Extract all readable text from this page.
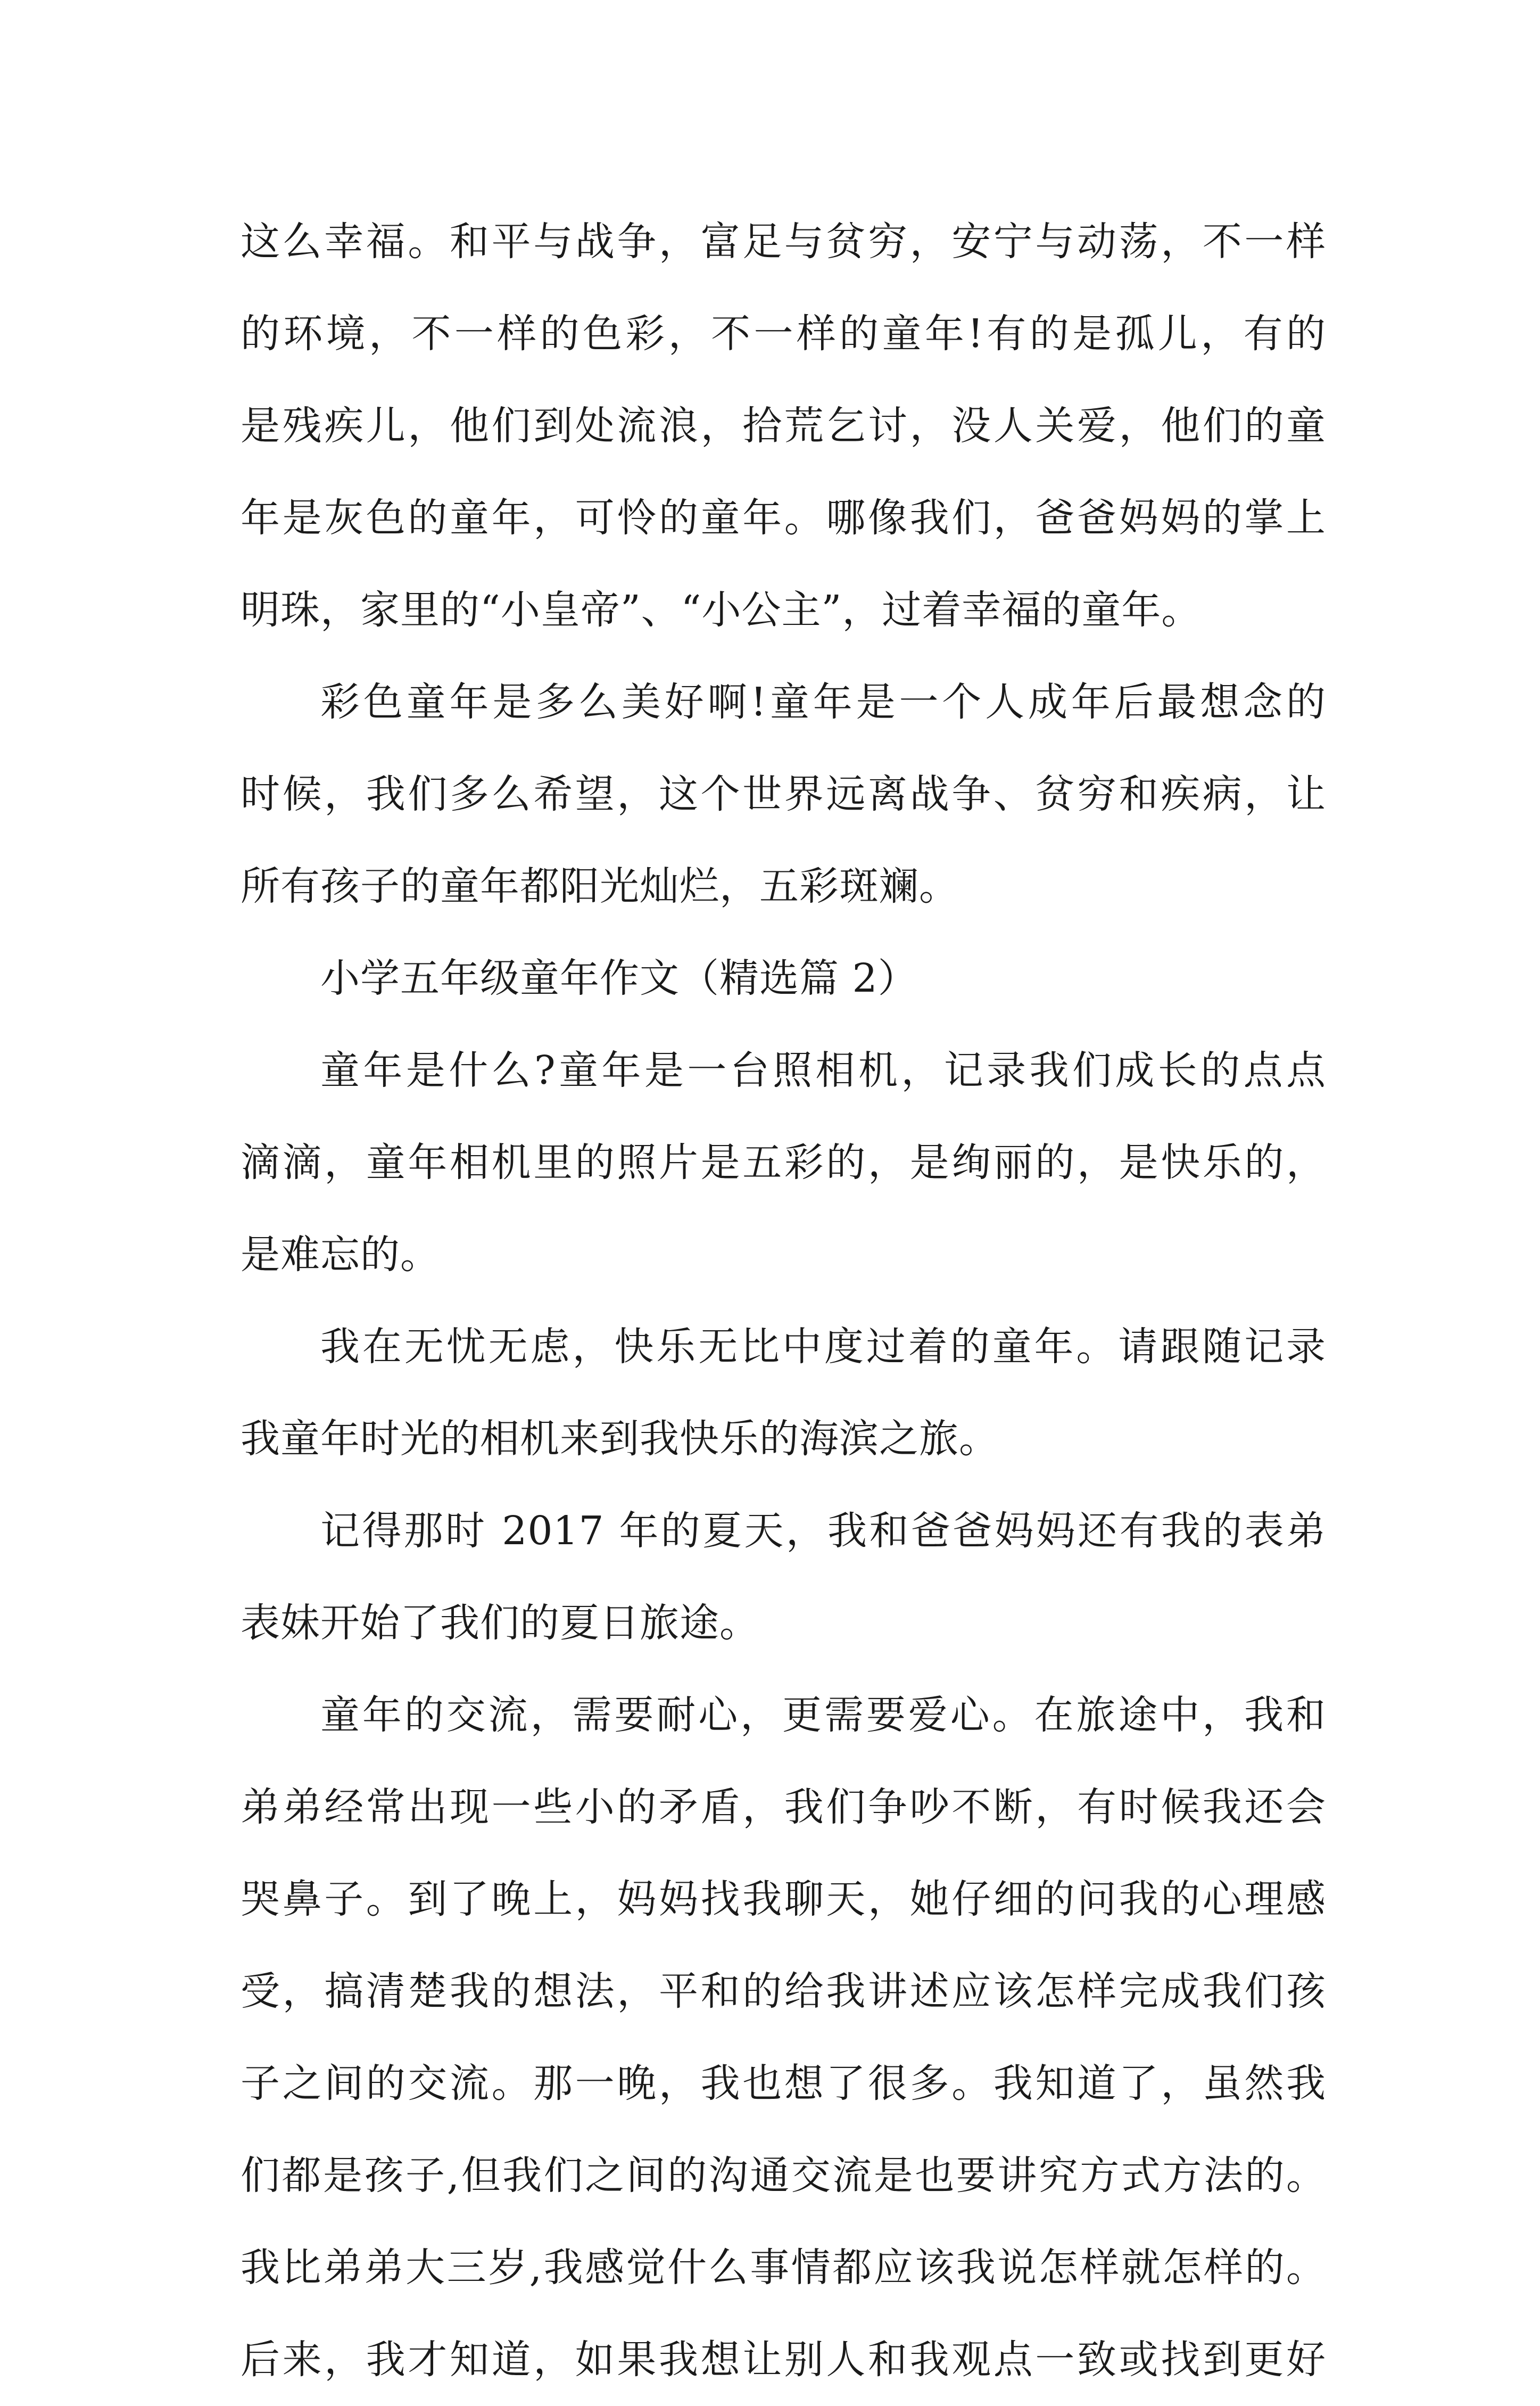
这么幸福。和平与战争，富足与贫穷，安宁与动荡，不一样
的环境，不一样的色彩，不一样的童年!有的是孤儿，有的
是残疾儿，他们到处流浪，拾荒乞讨，没人关爱，他们的童
年是灰色的童年，可怜的童年。哪像我们，爸爸妈妈的掌上
明珠，家里的“小皇帝”、“小公主”，过着幸福的童年。
彩色童年是多么美好啊!童年是一个人成年后最想念的
时候，我们多么希望，这个世界远离战争、贫穷和疾病，让
所有孩子的童年都阳光灿烂，五彩斑斓。
小学五年级童年作文（精选篇 2）
童年是什么?童年是一台照相机，记录我们成长的点点
滴滴，童年相机里的照片是五彩的，是绚丽的，是快乐的，
是难忘的。
我在无忧无虑，快乐无比中度过着的童年。请跟随记录
我童年时光的相机来到我快乐的海滨之旅。
记得那时 2017 年的夏天，我和爸爸妈妈还有我的表弟
表妹开始了我们的夏日旅途。
童年的交流，需要耐心，更需要爱心。在旅途中，我和
弟弟经常出现一些小的矛盾，我们争吵不断，有时候我还会
哭鼻子。到了晚上，妈妈找我聊天，她仔细的问我的心理感
受，搞清楚我的想法，平和的给我讲述应该怎样完成我们孩
子之间的交流。那一晚，我也想了很多。我知道了，虽然我
们都是孩子,但我们之间的沟通交流是也要讲究方式方法的。
我比弟弟大三岁,我感觉什么事情都应该我说怎样就怎样的。
后来，我才知道，如果我想让别人和我观点一致或找到更好
